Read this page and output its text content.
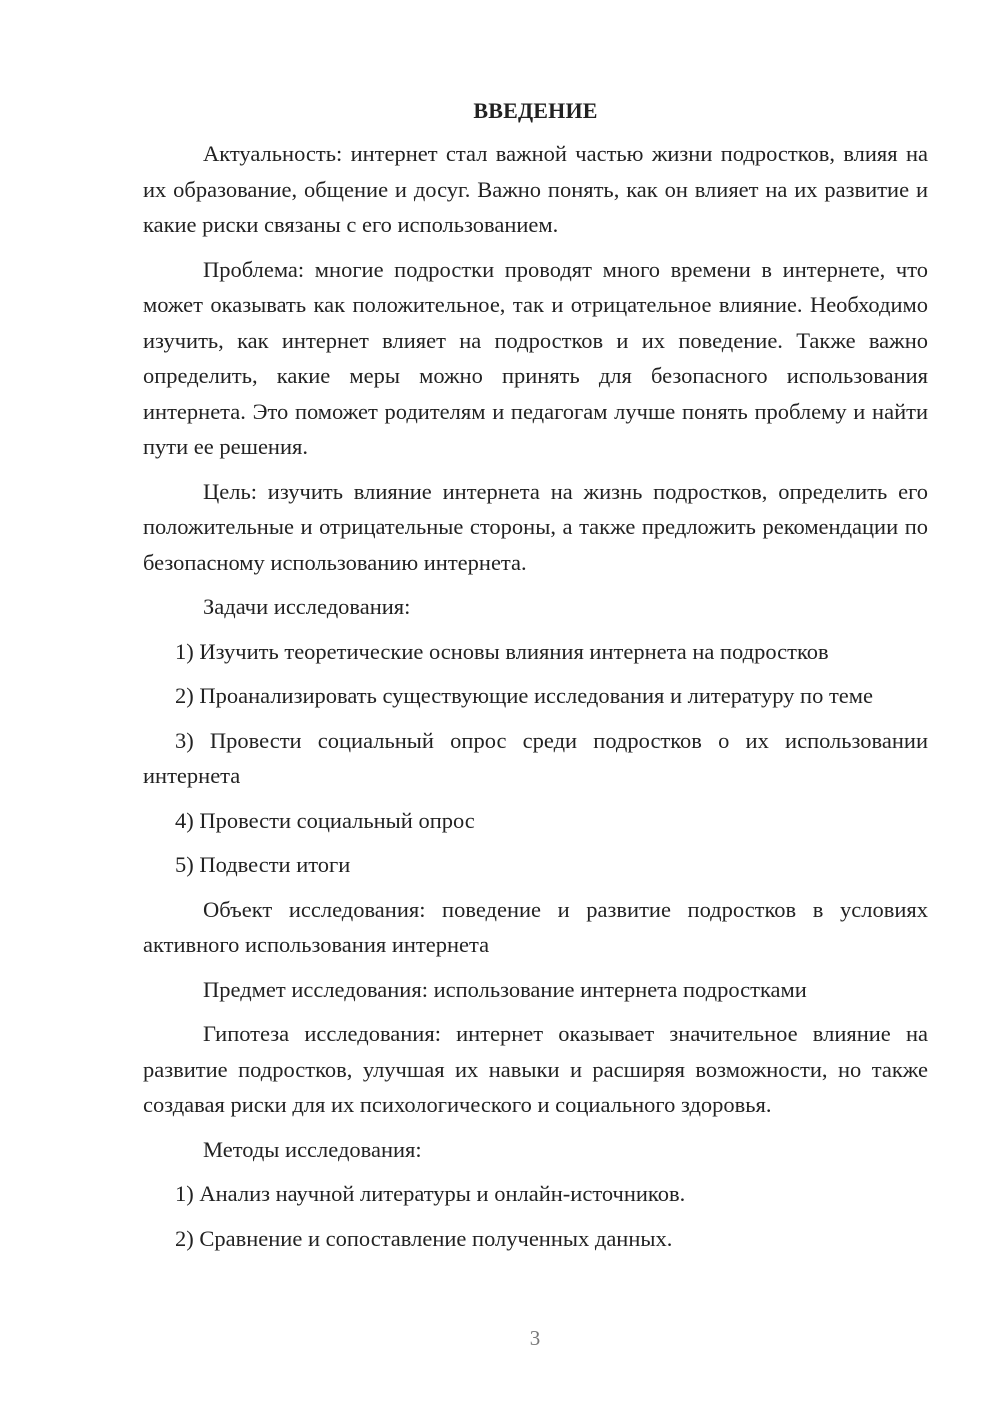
ВВЕДЕНИЕ

Актуальность: интернет стал важной частью жизни подростков, влияя на их образование, общение и досуг. Важно понять, как он влияет на их развитие и какие риски связаны с его использованием.

Проблема: многие подростки проводят много времени в интернете, что может оказывать как положительное, так и отрицательное влияние. Необходимо изучить, как интернет влияет на подростков и их поведение. Также важно определить, какие меры можно принять для безопасного использования интернета. Это поможет родителям и педагогам лучше понять проблему и найти пути ее решения.

Цель: изучить влияние интернета на жизнь подростков, определить его положительные и отрицательные стороны, а также предложить рекомендации по безопасному использованию интернета.

Задачи исследования:

1) Изучить теоретические основы влияния интернета на подростков

2) Проанализировать существующие исследования и литературу по теме

3) Провести социальный опрос среди подростков о их использовании интернета

4) Провести социальный опрос

5) Подвести итоги

Объект исследования: поведение и развитие подростков в условиях активного использования интернета

Предмет исследования: использование интернета подростками

Гипотеза исследования: интернет оказывает значительное влияние на развитие подростков, улучшая их навыки и расширяя возможности, но также создавая риски для их психологического и социального здоровья.

Методы исследования:

1) Анализ научной литературы и онлайн-источников.

2) Сравнение и сопоставление полученных данных.

3
